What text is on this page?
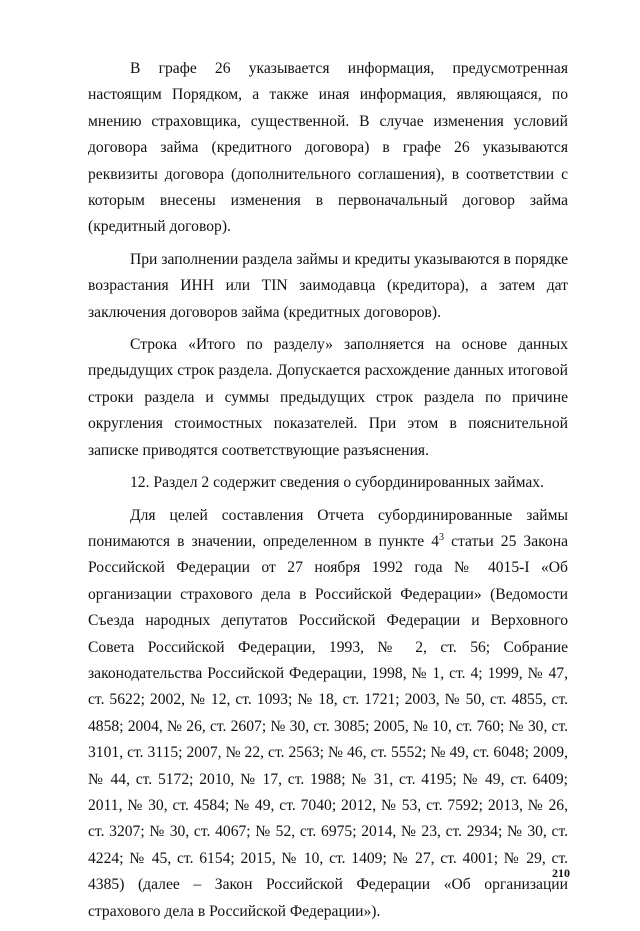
В графе 26 указывается информация, предусмотренная настоящим Порядком, а также иная информация, являющаяся, по мнению страховщика, существенной. В случае изменения условий договора займа (кредитного договора) в графе 26 указываются реквизиты договора (дополнительного соглашения), в соответствии с которым внесены изменения в первоначальный договор займа (кредитный договор).

При заполнении раздела займы и кредиты указываются в порядке возрастания ИНН или TIN заимодавца (кредитора), а затем дат заключения договоров займа (кредитных договоров).

Строка «Итого по разделу» заполняется на основе данных предыдущих строк раздела. Допускается расхождение данных итоговой строки раздела и суммы предыдущих строк раздела по причине округления стоимостных показателей. При этом в пояснительной записке приводятся соответствующие разъяснения.

12. Раздел 2 содержит сведения о субординированных займах.

Для целей составления Отчета субординированные займы понимаются в значении, определенном в пункте $4^3$ статьи 25 Закона Российской Федерации от 27 ноября 1992 года № 4015-I «Об организации страхового дела в Российской Федерации» (Ведомости Съезда народных депутатов Российской Федерации и Верховного Совета Российской Федерации, 1993, № 2, ст. 56; Собрание законодательства Российской Федерации, 1998, № 1, ст. 4; 1999, № 47, ст. 5622; 2002, № 12, ст. 1093; № 18, ст. 1721; 2003, № 50, ст. 4855, ст. 4858; 2004, № 26, ст. 2607; № 30, ст. 3085; 2005, № 10, ст. 760; № 30, ст. 3101, ст. 3115; 2007, № 22, ст. 2563; № 46, ст. 5552; № 49, ст. 6048; 2009, № 44, ст. 5172; 2010, № 17, ст. 1988; № 31, ст. 4195; № 49, ст. 6409; 2011, № 30, ст. 4584; № 49, ст. 7040; 2012, № 53, ст. 7592; 2013, № 26, ст. 3207; № 30, ст. 4067; № 52, ст. 6975; 2014, № 23, ст. 2934; № 30, ст. 4224; № 45, ст. 6154; 2015, № 10, ст. 1409; № 27, ст. 4001; № 29, ст. 4385) (далее – Закон Российской Федерации «Об организации страхового дела в Российской Федерации»).

210
